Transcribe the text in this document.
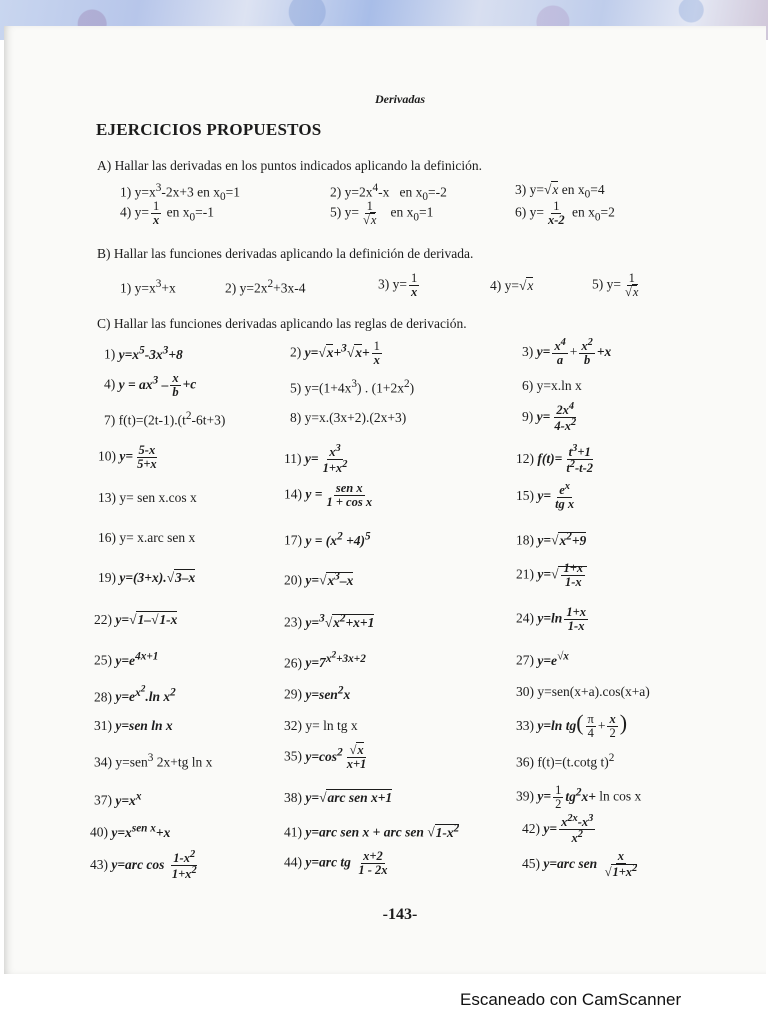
Derivadas
EJERCICIOS PROPUESTOS
A) Hallar las derivadas en los puntos indicados aplicando la definición.
1) $y=x^3-2x+3$ en $x_0=1$	2) $y=2x^4-x$   en $x_0=-2$	3) y=√x en $x_0=4$
4) $y= \frac{1}{x}$ en $x_0=-1$	5) $y= \frac{1}{√x}$ en $x_0=1$	6) $y= \frac{1}{x-2}$ en $x_0=2$
B) Hallar las funciones derivadas aplicando la definición de derivada.
1) $y=x^3+x$	2) $y=2x^2+3x-4$	3) $y= \frac{1}{x}$	4) y=√x	5) $y= \frac{1}{√x}$
C) Hallar las funciones derivadas aplicando las reglas de derivación.
1) $y=x^5-3x^3+8$	2) $y=√x+^3√x+ \frac{1}{x}$	3) $y= \frac{x^4}{a} + \frac{x^2}{b} +x$
4) $y = ax^3 - \frac{x}{b} +c$	5) $y=(1+4x^3)$ . $(1+2x^2)$	6) y=x.ln x
7) $f(t)=(2t-1).(t^2-6t+3)$	8) y=x.(3x+2).(2x+3)	9) $y= \frac{2x^4}{4-x^2}$
10) $y= \frac{5-x}{5+x}$	11) $y= \frac{x^3}{1+x^2}$	12) $f(t)= \frac{t^3+1}{t^2-t-2}$
13) y= sen x.cos x	14) $y = \frac{\text{sen x}}{\text{1 + cos x}}$	15) $y= \frac{e^x}{\text{tg x}}$
16) y= x.arc sen x	17) $y = (x^2 +4)^5$	18) $y=√x^2+9$
19) y=(3+x).√3–x	20) $y=√x^3-x$	21) $y=√ \frac{1+x}{1-x}$
22) y=√1–√1-x	23) $y=^3√x^2+x+1$	24) $y=\ln \frac{1+x}{1-x}$
25) $y=e^{4x+1}$	26) $y=7^{x^2+3x+2}$	27) $y=e^{√x}$
28) $y=e^{x^2}.\ln$ $x^2$	29) y=sen$^2$x	30) y=sen(x+a).cos(x+a)
31) y=sen ln x	32) y= ln tg x	33) y=ln $tg( \frac{\pi}{4} + \frac{x}{2}$ )
34) y=sen$^3$ 2x+tg ln x	35) $y=\cos^2 \frac{√x}{x+1}$	36) f(t)=(t.cotg t)$^2$
37) $y=x^x$	38) y=√arc sen x+1	39) $y= \frac{1}{2} tg^2x+ \ln \cos x$
40) $y=x^{sen x}+x$	41) y=arc sen x + arc sen $√1-x^2$	42) $y= \frac{x^{2x}-x^3}{x^2}$
43) y=arc $\cos \frac{1-x^2}{1+x^2}$	44) y=arc tg $\frac{x+2}{1 - 2x}$	45) y=arc sen $\frac{x}{√1+x^2}$
-143-
Escaneado con CamScanner
